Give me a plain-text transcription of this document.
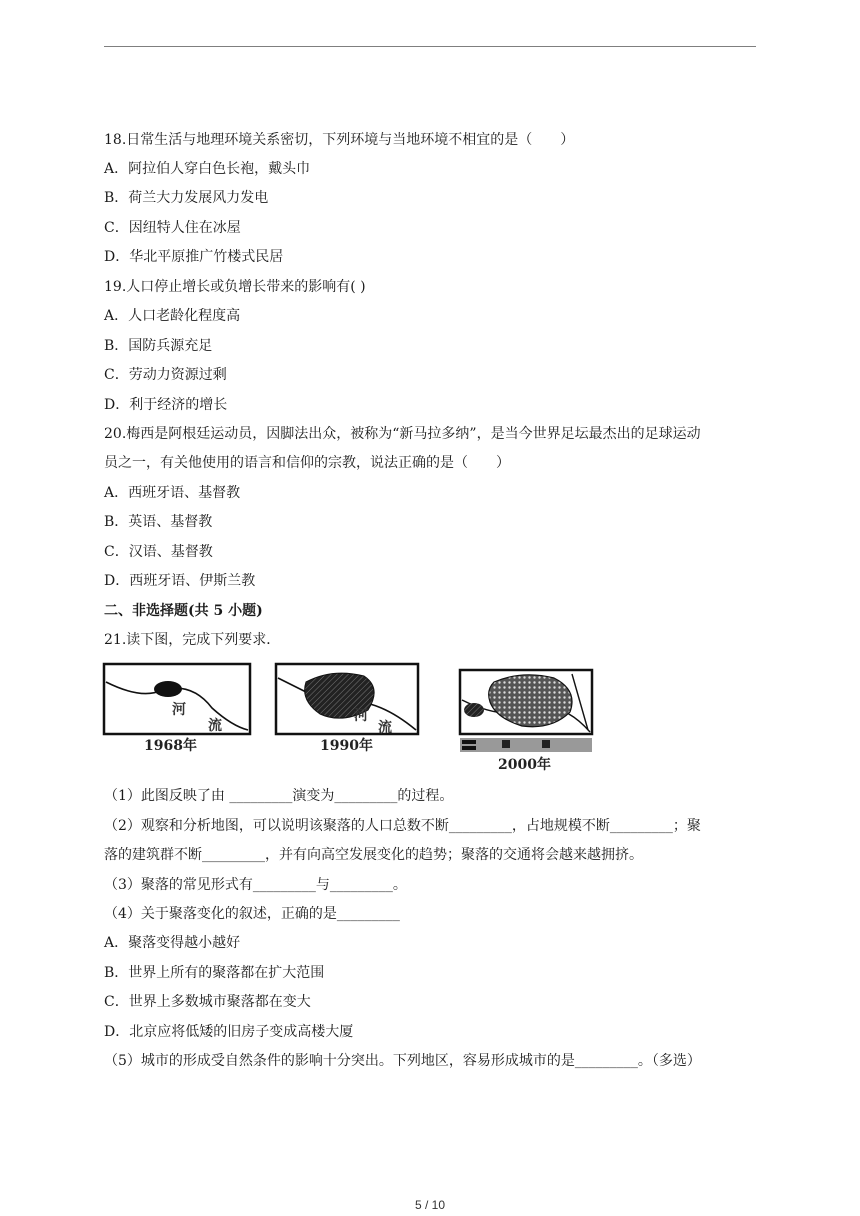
18.日常生活与地理环境关系密切，下列环境与当地环境不相宜的是（　　）
A．阿拉伯人穿白色长袍，戴头巾
B．荷兰大力发展风力发电
C．因纽特人住在冰屋
D．华北平原推广竹楼式民居
19.人口停止增长或负增长带来的影响有( )
A．人口老龄化程度高
B．国防兵源充足
C．劳动力资源过剩
D．利于经济的增长
20.梅西是阿根廷运动员，因脚法出众，被称为“新马拉多纳”，是当今世界足坛最杰出的足球运动
员之一，有关他使用的语言和信仰的宗教，说法正确的是（　　）
A．西班牙语、基督教
B．英语、基督教
C．汉语、基督教
D．西班牙语、伊斯兰教
二、非选择题(共 5 小题)
21.读下图，完成下列要求．
河
流
1968年
河
流
1990年
2000年
（1）此图反映了由 _________演变为_________的过程。
（2）观察和分析地图，可以说明该聚落的人口总数不断_________，占地规模不断_________；聚
落的建筑群不断_________，并有向高空发展变化的趋势；聚落的交通将会越来越拥挤。
（3）聚落的常见形式有_________与_________。
（4）关于聚落变化的叙述，正确的是_________
A．聚落变得越小越好
B．世界上所有的聚落都在扩大范围
C．世界上多数城市聚落都在变大
D．北京应将低矮的旧房子变成高楼大厦
（5）城市的形成受自然条件的影响十分突出。下列地区，容易形成城市的是_________。（多选）
5 / 10
